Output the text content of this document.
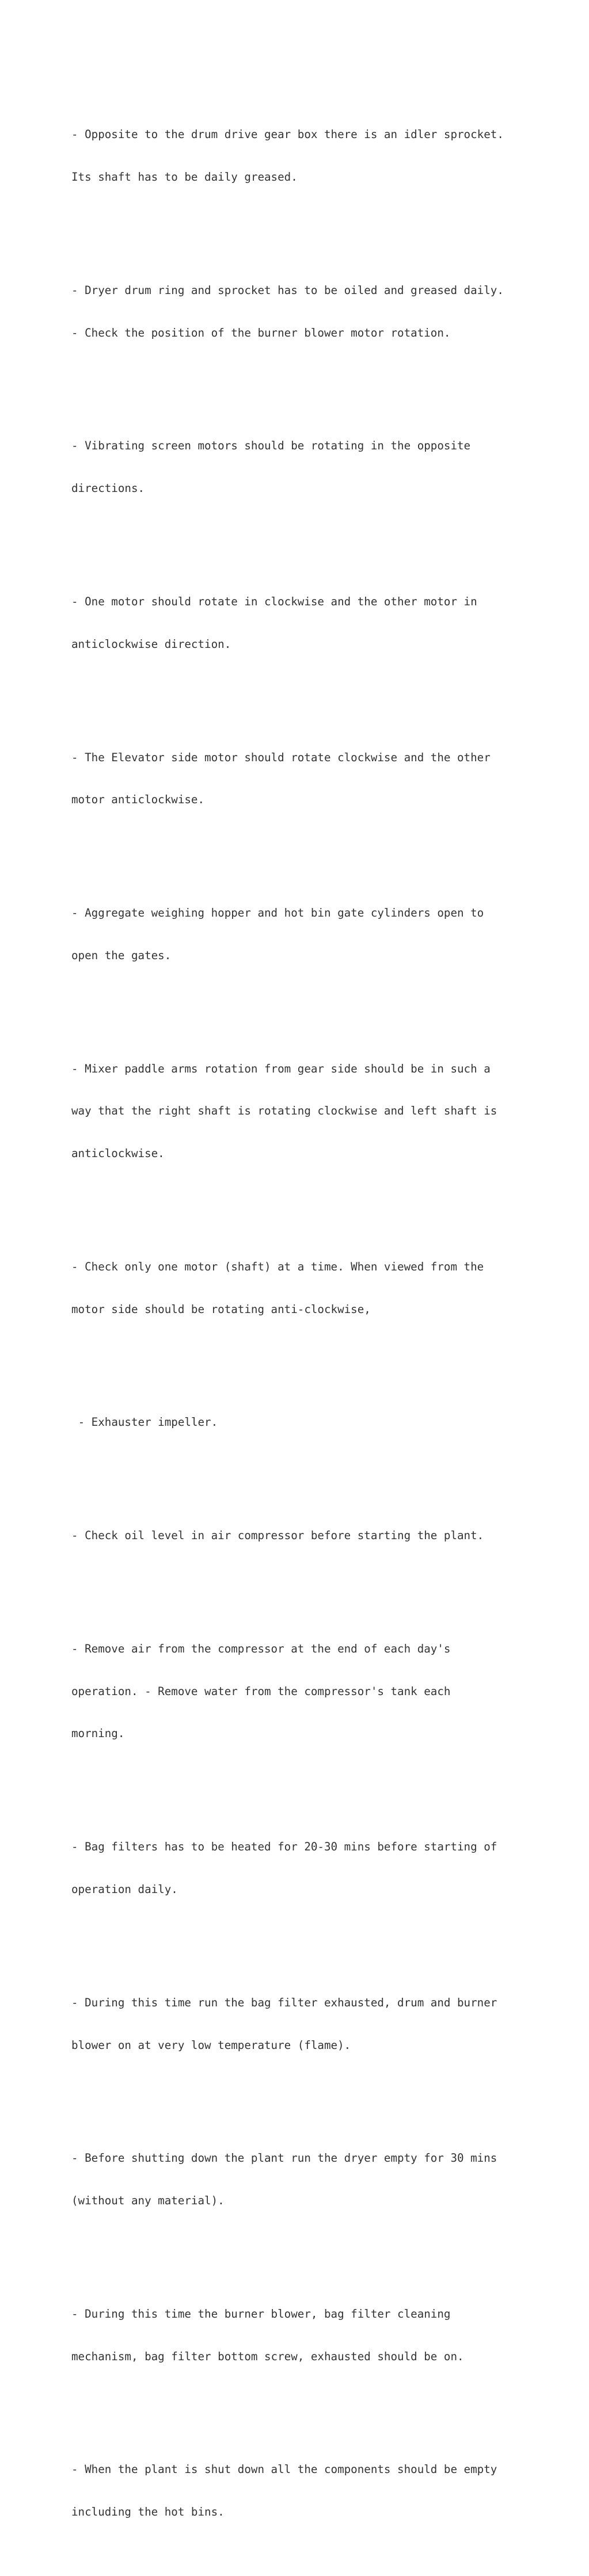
- Opposite to the drum drive gear box there is an idler sprocket.

Its shaft has to be daily greased.

- Dryer drum ring and sprocket has to be oiled and greased daily.

- Check the position of the burner blower motor rotation.

- Vibrating screen motors should be rotating in the opposite

directions.

- One motor should rotate in clockwise and the other motor in

anticlockwise direction.

- The Elevator side motor should rotate clockwise and the other

motor anticlockwise.

- Aggregate weighing hopper and hot bin gate cylinders open to

open the gates.

- Mixer paddle arms rotation from gear side should be in such a

way that the right shaft is rotating clockwise and left shaft is

anticlockwise.

- Check only one motor (shaft) at a time. When viewed from the

motor side should be rotating anti-clockwise,

- Exhauster impeller.

- Check oil level in air compressor before starting the plant.

- Remove air from the compressor at the end of each day's

operation. - Remove water from the compressor's tank each

morning.

- Bag filters has to be heated for 20-30 mins before starting of

operation daily.

- During this time run the bag filter exhausted, drum and burner

blower on at very low temperature (flame).

- Before shutting down the plant run the dryer empty for 30 mins

(without any material).

- During this time the burner blower, bag filter cleaning

mechanism, bag filter bottom screw, exhausted should be on.

- When the plant is shut down all the components should be empty

including the hot bins.
